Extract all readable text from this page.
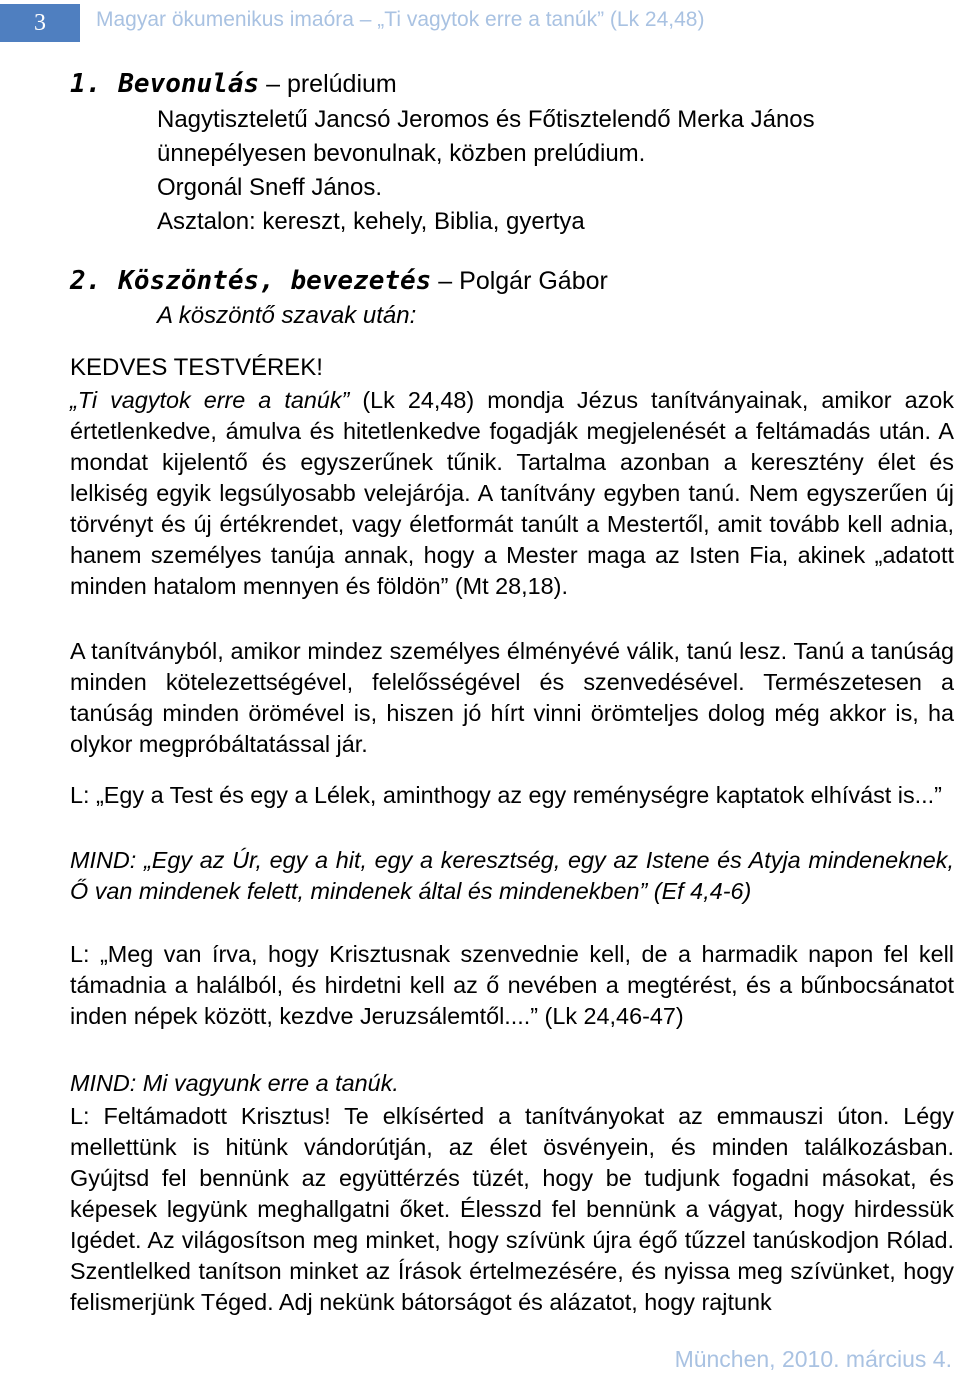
3	Magyar ökumenikus imaóra – „Ti vagytok erre a tanúk” (Lk 24,48)
1. Bevonulás – prelúdium
Nagytiszteletű Jancsó Jeromos és Főtisztelendő Merka János
ünnepélyesen bevonulnak, közben prelúdium.
Orgonál Sneff János.
Asztalon: kereszt, kehely, Biblia, gyertya
2. Köszöntés, bevezetés – Polgár Gábor
A köszöntő szavak után:
KEDVES TESTVÉREK!

„Ti vagytok erre a tanúk” (Lk 24,48) mondja Jézus tanítványainak, amikor azok értetlenkedve, ámulva és hitetlenkedve fogadják megjelenését a feltámadás után. A mondat kijelentő és egyszerűnek tűnik. Tartalma azonban a keresztény élet és lelkiség egyik legsúlyosabb velejárója. A tanítvány egyben tanú. Nem egyszerűen új törvényt és új értékrendet, vagy életformát tanúlt a Mestertől, amit tovább kell adnia, hanem személyes tanúja annak, hogy a Mester maga az Isten Fia, akinek „adatott minden hatalom mennyen és földön” (Mt 28,18).

A tanítványból, amikor mindez személyes élményévé válik, tanú lesz. Tanú a tanúság minden kötelezettségével, felelősségével és szenvedésével. Természetesen a tanúság minden örömével is, hiszen jó hírt vinni örömteljes dolog még akkor is, ha olykor megpróbáltatással jár.

L: „Egy a Test és egy a Lélek, aminthogy az egy reménységre kaptatok elhívást is...”

MIND: „Egy az Úr, egy a hit, egy a keresztség, egy az Istene és Atyja mindeneknek, Ő van mindenek felett, mindenek által és mindenekben” (Ef 4,4-6)

L: „Meg van írva, hogy Krisztusnak szenvednie kell, de a harmadik napon fel kell támadnia a halálból, és hirdetni kell az ő nevében a megtérést, és a bűnbocsánatot inden népek között, kezdve Jeruzsálemtől....” (Lk 24,46-47)

MIND: Mi vagyunk erre a tanúk.

L: Feltámadott Krisztus! Te elkísérted a tanítványokat az emmauszi úton. Légy mellettünk is hitünk vándorútján, az élet ösvényein, és minden találkozásban. Gyújtsd fel bennünk az együttérzés tüzét, hogy be tudjunk fogadni másokat, és képesek legyünk meghallgatni őket. Élesszd fel bennünk a vágyat, hogy hirdessük Igédet. Az világosítson meg minket, hogy szívünk újra égő tűzzel tanúskodjon Rólad. Szentlelked tanítson minket az Írások értelmezésére, és nyissa meg szívünket, hogy felismerjünk Téged. Adj nekünk bátorságot és alázatot, hogy rajtunk

München, 2010. március 4.
